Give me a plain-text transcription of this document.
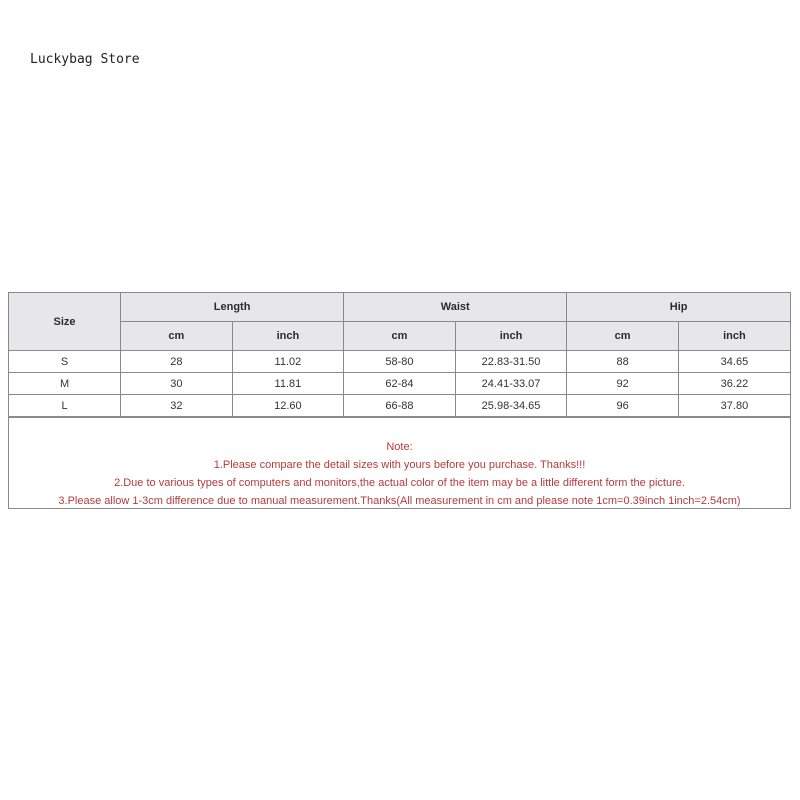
Luckybag Store
Size	Length		Waist		Hip	
	cm	inch	cm	inch	cm	inch
S	28	11.02	58-80	22.83-31.50	88	34.65
M	30	11.81	62-84	24.41-33.07	92	36.22
L	32	12.60	66-88	25.98-34.65	96	37.80
Note:
1.Please compare the detail sizes with yours before you purchase. Thanks!!!
2.Due to various types of computers and monitors,the actual color of the item may be a little different form the picture.
3.Please allow 1-3cm difference due to manual measurement.Thanks(All measurement in cm and please note 1cm=0.39inch 1inch=2.54cm)
